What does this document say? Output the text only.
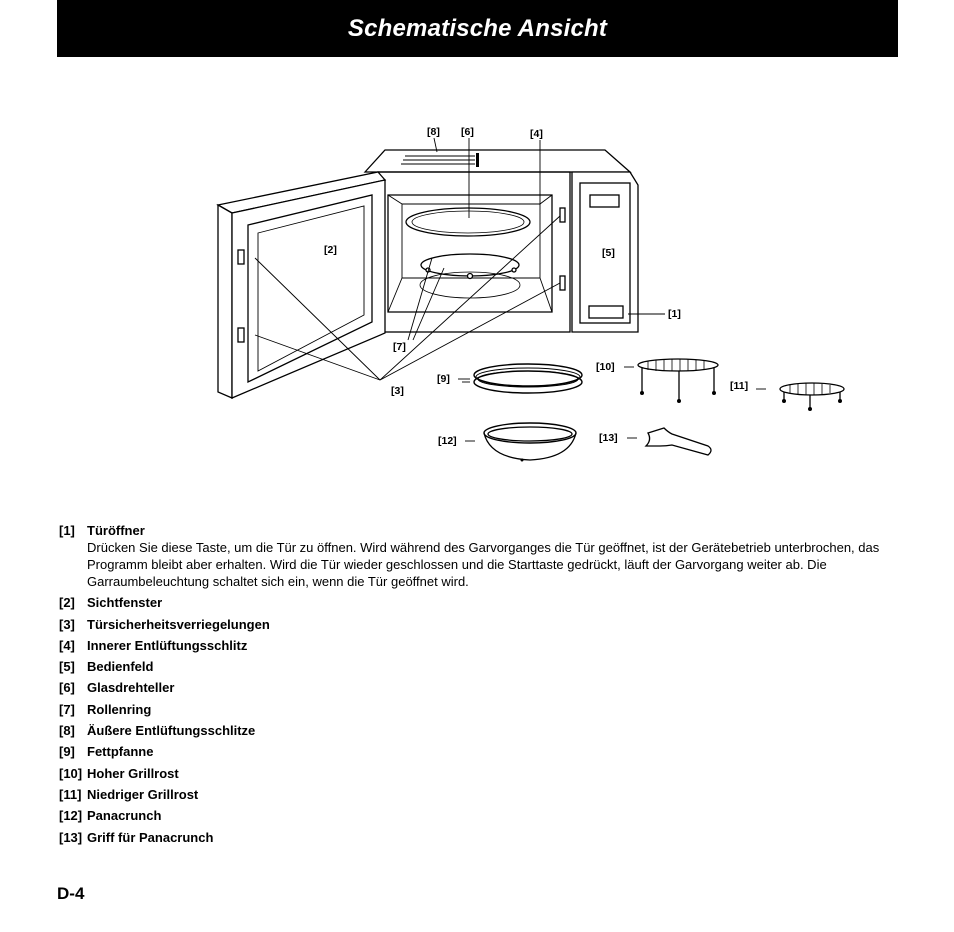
Schematische Ansicht
[8] [6]	[4]
[2]	[5]
[1]
[7]
[3]
[9]
[10]
[11]
[12]	[13]
[1] Türöffner
Drücken Sie diese Taste, um die Tür zu öffnen. Wird während des Garvorganges die Tür geöffnet, ist der Gerätebetrieb unterbrochen, das Programm bleibt aber erhalten. Wird die Tür wieder geschlossen und die Starttaste gedrückt, läuft der Garvorgang weiter ab. Die Garraumbeleuchtung schaltet sich ein, wenn die Tür geöffnet wird.
[2] Sichtfenster
[3] Türsicherheitsverriegelungen
[4] Innerer Entlüftungsschlitz
[5] Bedienfeld
[6] Glasdrehteller
[7] Rollenring
[8] Äußere Entlüftungsschlitze
[9] Fettpfanne
[10] Hoher Grillrost
[11] Niedriger Grillrost
[12] Panacrunch
[13] Griff für Panacrunch
D-4
